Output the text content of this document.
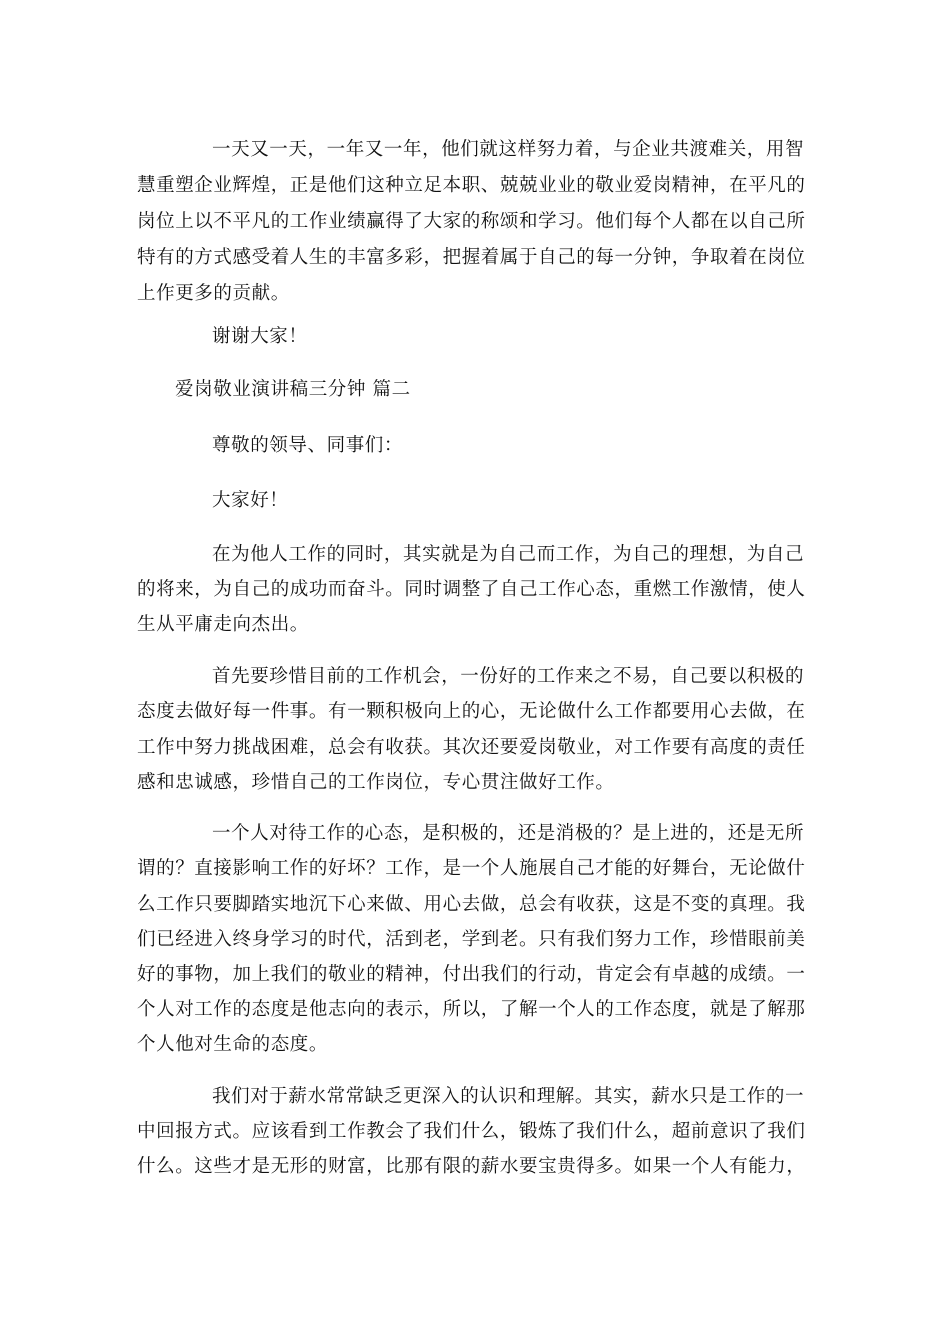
一天又一天，一年又一年，他们就这样努力着，与企业共渡难关，用智
慧重塑企业辉煌，正是他们这种立足本职、兢兢业业的敬业爱岗精神，在平凡的
岗位上以不平凡的工作业绩赢得了大家的称颂和学习。他们每个人都在以自己所
特有的方式感受着人生的丰富多彩，把握着属于自己的每一分钟，争取着在岗位
上作更多的贡献。
谢谢大家！
爱岗敬业演讲稿三分钟 篇二
尊敬的领导、同事们：
大家好！
在为他人工作的同时，其实就是为自己而工作，为自己的理想，为自己
的将来，为自己的成功而奋斗。同时调整了自己工作心态，重燃工作激情，使人
生从平庸走向杰出。
首先要珍惜目前的工作机会，一份好的工作来之不易，自己要以积极的
态度去做好每一件事。有一颗积极向上的心，无论做什么工作都要用心去做，在
工作中努力挑战困难，总会有收获。其次还要爱岗敬业，对工作要有高度的责任
感和忠诚感，珍惜自己的工作岗位，专心贯注做好工作。
一个人对待工作的心态，是积极的，还是消极的？是上进的，还是无所
谓的？直接影响工作的好坏？工作，是一个人施展自己才能的好舞台，无论做什
么工作只要脚踏实地沉下心来做、用心去做，总会有收获，这是不变的真理。我
们已经进入终身学习的时代，活到老，学到老。只有我们努力工作，珍惜眼前美
好的事物，加上我们的敬业的精神，付出我们的行动，肯定会有卓越的成绩。一
个人对工作的态度是他志向的表示，所以，了解一个人的工作态度，就是了解那
个人他对生命的态度。
我们对于薪水常常缺乏更深入的认识和理解。其实，薪水只是工作的一
中回报方式。应该看到工作教会了我们什么，锻炼了我们什么，超前意识了我们
什么。这些才是无形的财富，比那有限的薪水要宝贵得多。如果一个人有能力，
